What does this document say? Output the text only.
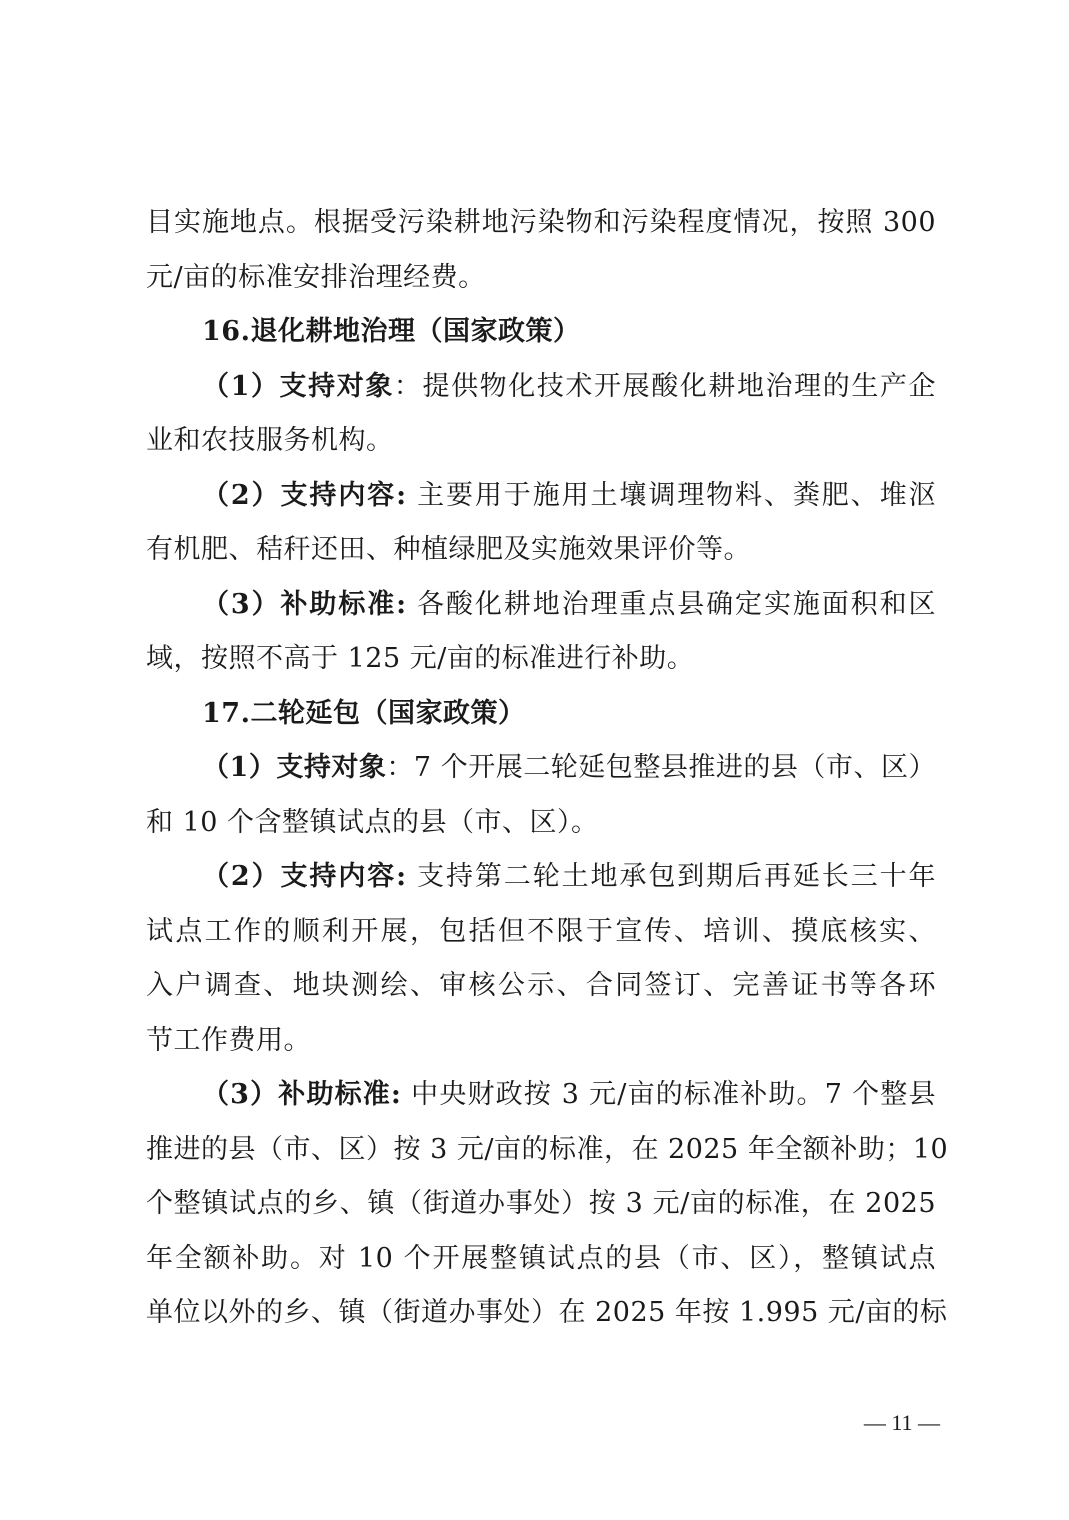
目实施地点。根据受污染耕地污染物和污染程度情况，按照 300
元/亩的标准安排治理经费。
16.退化耕地治理（国家政策）
（1）支持对象：提供物化技术开展酸化耕地治理的生产企
业和农技服务机构。
（2）支持内容: 主要用于施用土壤调理物料、粪肥、堆沤
有机肥、秸秆还田、种植绿肥及实施效果评价等。
（3）补助标准: 各酸化耕地治理重点县确定实施面积和区
域，按照不高于 125 元/亩的标准进行补助。
17.二轮延包（国家政策）
（1）支持对象：7 个开展二轮延包整县推进的县（市、区）
和 10 个含整镇试点的县（市、区）。
（2）支持内容: 支持第二轮土地承包到期后再延长三十年
试点工作的顺利开展，包括但不限于宣传、培训、摸底核实、
入户调查、地块测绘、审核公示、合同签订、完善证书等各环
节工作费用。
（3）补助标准: 中央财政按 3 元/亩的标准补助。7 个整县
推进的县（市、区）按 3 元/亩的标准，在 2025 年全额补助；10
个整镇试点的乡、镇（街道办事处）按 3 元/亩的标准，在 2025
年全额补助。对 10 个开展整镇试点的县（市、区），整镇试点
单位以外的乡、镇（街道办事处）在 2025 年按 1.995 元/亩的标
— 11 —
